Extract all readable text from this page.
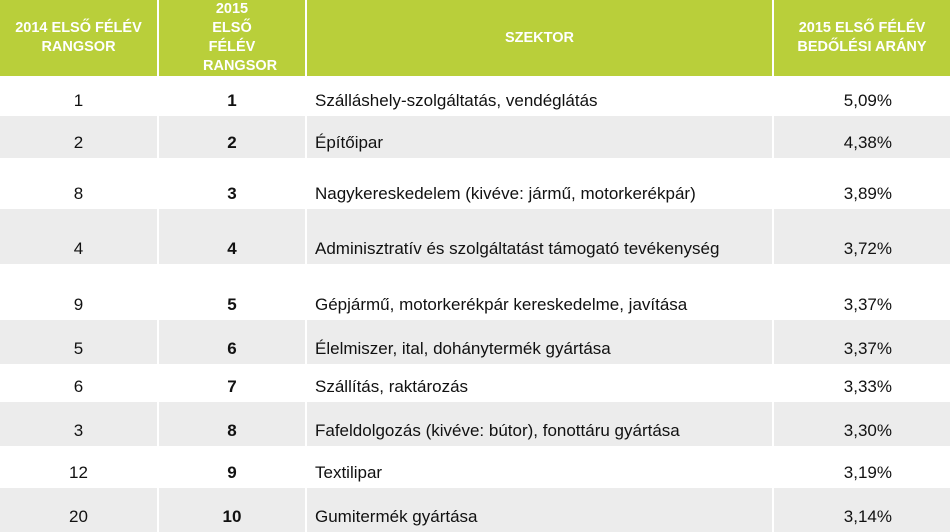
2014 ELSŐ FÉLÉV RANGSOR	2015 ELSŐ FÉLÉV RANGSOR	SZEKTOR	2015 ELSŐ FÉLÉV BEDŐLÉSI ARÁNY
1	1	Szálláshely-szolgáltatás, vendéglátás	5,09%
2	2	Építőipar	4,38%
8	3	Nagykereskedelem (kivéve: jármű, motorkerékpár)	3,89%
4	4	Adminisztratív és szolgáltatást támogató tevékenység	3,72%
9	5	Gépjármű, motorkerékpár kereskedelme, javítása	3,37%
5	6	Élelmiszer, ital, dohánytermék gyártása	3,37%
6	7	Szállítás, raktározás	3,33%
3	8	Fafeldolgozás (kivéve: bútor), fonottáru gyártása	3,30%
12	9	Textilipar	3,19%
20	10	Gumitermék gyártása	3,14%
